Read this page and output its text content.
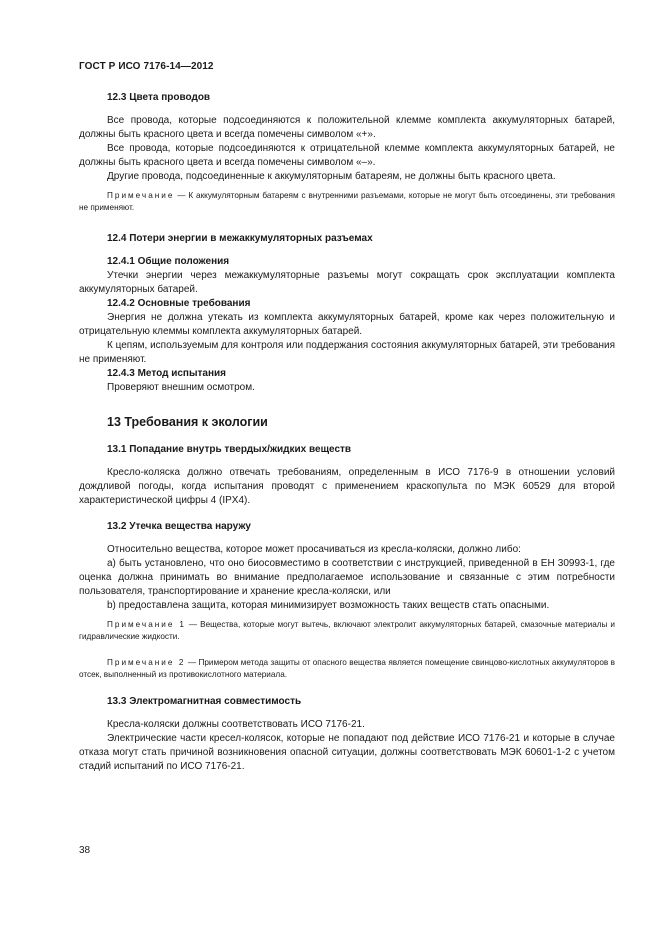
ГОСТ Р ИСО 7176-14—2012
12.3 Цвета проводов
Все провода, которые подсоединяются к положительной клемме комплекта аккумуляторных батарей, должны быть красного цвета и всегда помечены символом «+».
Все провода, которые подсоединяются к отрицательной клемме комплекта аккумуляторных батарей, не должны быть красного цвета и всегда помечены символом «–».
Другие провода, подсоединенные к аккумуляторным батареям, не должны быть красного цвета.
Примечание — К аккумуляторным батареям с внутренними разъемами, которые не могут быть отсоединены, эти требования не применяют.
12.4 Потери энергии в межаккумуляторных разъемах
12.4.1 Общие положения
Утечки энергии через межаккумуляторные разъемы могут сокращать срок эксплуатации комплекта аккумуляторных батарей.
12.4.2 Основные требования
Энергия не должна утекать из комплекта аккумуляторных батарей, кроме как через положительную и отрицательную клеммы комплекта аккумуляторных батарей.
К цепям, используемым для контроля или поддержания состояния аккумуляторных батарей, эти требования не применяют.
12.4.3 Метод испытания
Проверяют внешним осмотром.
13 Требования к экологии
13.1 Попадание внутрь твердых/жидких веществ
Кресло-коляска должно отвечать требованиям, определенным в ИСО 7176-9 в отношении условий дождливой погоды, когда испытания проводят с применением краскопульта по МЭК 60529 для второй характеристической цифры 4 (IPX4).
13.2 Утечка вещества наружу
Относительно вещества, которое может просачиваться из кресла-коляски, должно либо:
a) быть установлено, что оно биосовместимо в соответствии с инструкцией, приведенной в ЕН 30993-1, где оценка должна принимать во внимание предполагаемое использование и связанные с этим потребности пользователя, транспортирование и хранение кресла-коляски, или
b) предоставлена защита, которая минимизирует возможность таких веществ стать опасными.
Примечание 1 — Вещества, которые могут вытечь, включают электролит аккумуляторных батарей, смазочные материалы и гидравлические жидкости.
Примечание 2 — Примером метода защиты от опасного вещества является помещение свинцово-кислотных аккумуляторов в отсек, выполненный из противокислотного материала.
13.3 Электромагнитная совместимость
Кресла-коляски должны соответствовать ИСО 7176-21.
Электрические части кресел-колясок, которые не попадают под действие ИСО 7176-21 и которые в случае отказа могут стать причиной возникновения опасной ситуации, должны соответствовать МЭК 60601-1-2 с учетом стадий испытаний по ИСО 7176-21.
38
